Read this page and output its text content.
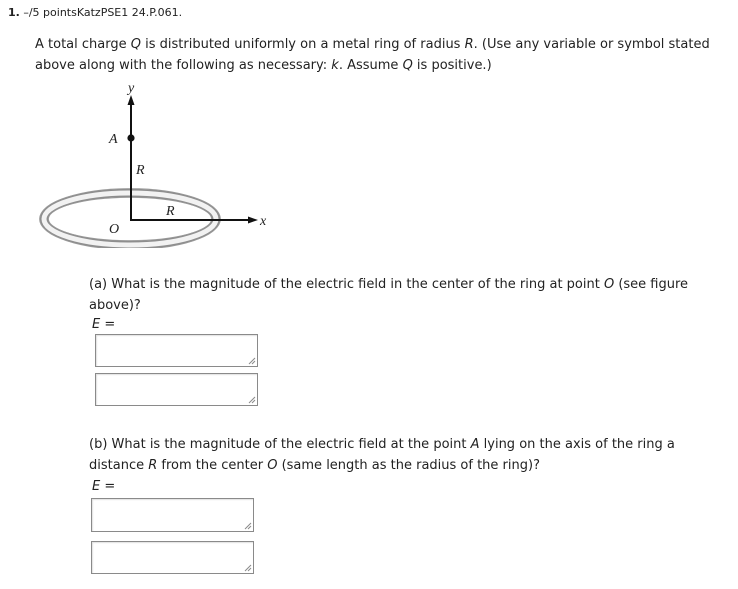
1. –/5 pointsKatzPSE1 24.P.061.
A total charge Q is distributed uniformly on a metal ring of radius R. (Use any variable or symbol stated above along with the following as necessary: k. Assume Q is positive.)
y
x
A
O
R
R
(a) What is the magnitude of the electric field in the center of the ring at point O (see figure above)?
E =
(b) What is the magnitude of the electric field at the point A lying on the axis of the ring a distance R from the center O (same length as the radius of the ring)?
E =
